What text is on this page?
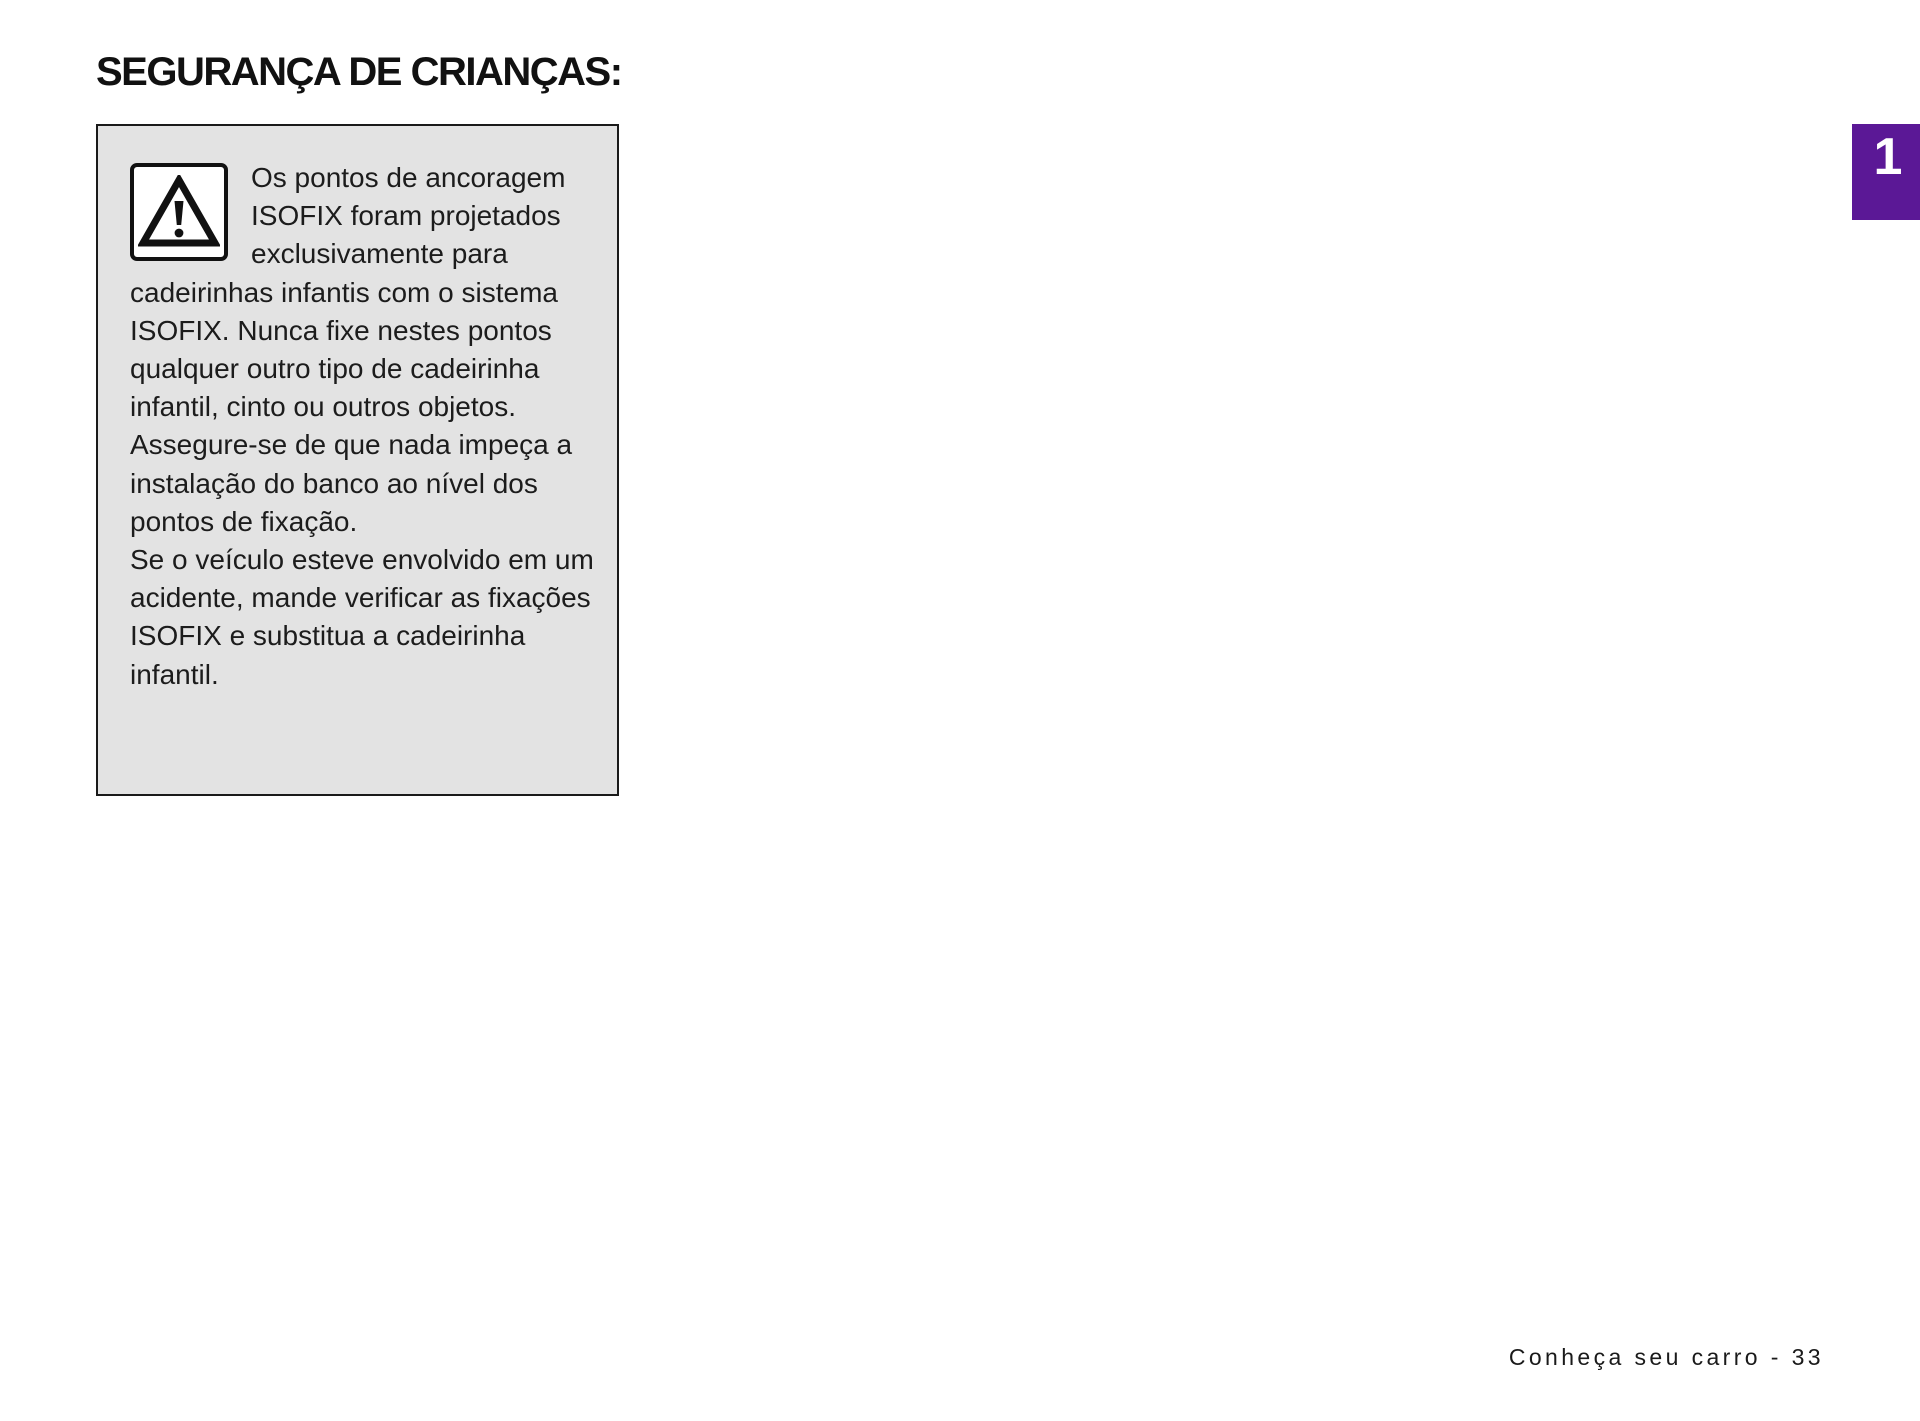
SEGURANÇA DE CRIANÇAS:

Os pontos de ancoragem ISOFIX foram projetados exclusivamente para cadeirinhas infantis com o sistema ISOFIX. Nunca fixe nestes pontos qualquer outro tipo de cadeirinha infantil, cinto ou outros objetos.

Assegure-se de que nada impeça a instalação do banco ao nível dos pontos de fixação.

Se o veículo esteve envolvido em um acidente, mande verificar as fixações ISOFIX e substitua a cadeirinha infantil.

1
Conheça seu carro - 33
